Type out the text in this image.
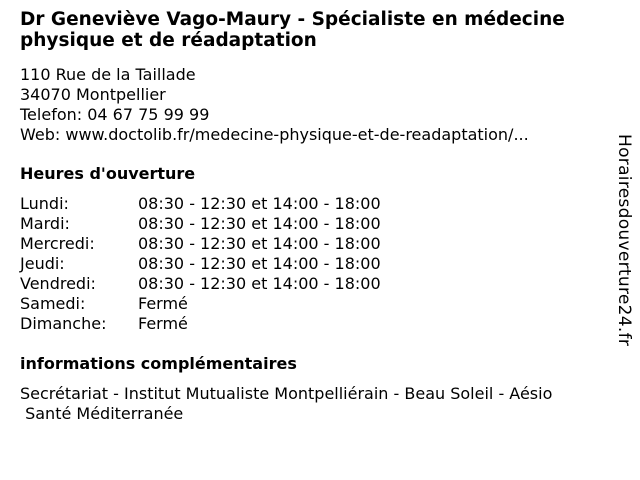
Dr Geneviève Vago-Maury - Spécialiste en médecine physique et de réadaptation
110 Rue de la Taillade
34070 Montpellier
Telefon: 04 67 75 99 99
Web: www.doctolib.fr/medecine-physique-et-de-readaptation/...
Heures d'ouverture
Lundi:	08:30 - 12:30 et 14:00 - 18:00
Mardi:	08:30 - 12:30 et 14:00 - 18:00
Mercredi:	08:30 - 12:30 et 14:00 - 18:00
Jeudi:	08:30 - 12:30 et 14:00 - 18:00
Vendredi:	08:30 - 12:30 et 14:00 - 18:00
Samedi:	Fermé
Dimanche: Fermé
informations complémentaires
Secrétariat - Institut Mutualiste Montpelliérain - Beau Soleil - Aésio
Santé Méditerranée
Horairesdouverture24.fr
